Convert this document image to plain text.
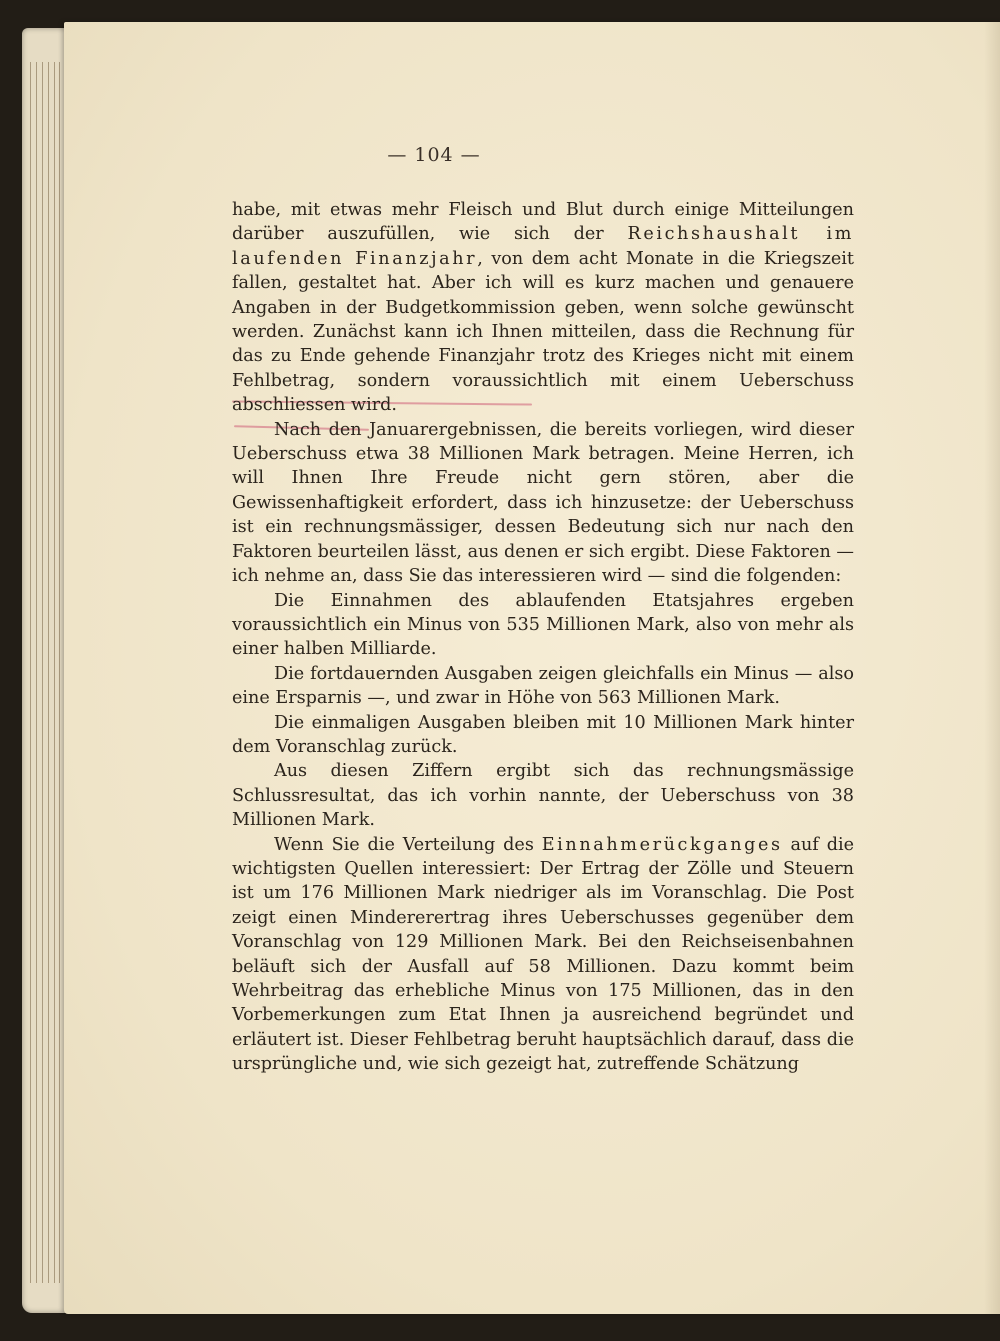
— 104 —

habe, mit etwas mehr Fleisch und Blut durch einige Mitteilungen darüber auszufüllen, wie sich der Reichshaushalt im laufenden Finanzjahr, von dem acht Monate in die Kriegszeit fallen, gestaltet hat. Aber ich will es kurz machen und genauere Angaben in der Budgetkommission geben, wenn solche gewünscht werden. Zunächst kann ich Ihnen mitteilen, dass die Rechnung für das zu Ende gehende Finanzjahr trotz des Krieges nicht mit einem Fehlbetrag, sondern voraussichtlich mit einem Ueberschuss abschliessen wird.

Nach den Januarergebnissen, die bereits vorliegen, wird dieser Ueberschuss etwa 38 Millionen Mark betragen. Meine Herren, ich will Ihnen Ihre Freude nicht gern stören, aber die Gewissenhaftigkeit erfordert, dass ich hinzusetze: der Ueberschuss ist ein rechnungsmässiger, dessen Bedeutung sich nur nach den Faktoren beurteilen lässt, aus denen er sich ergibt. Diese Faktoren — ich nehme an, dass Sie das interessieren wird — sind die folgenden:

Die Einnahmen des ablaufenden Etatsjahres ergeben voraussichtlich ein Minus von 535 Millionen Mark, also von mehr als einer halben Milliarde.

Die fortdauernden Ausgaben zeigen gleichfalls ein Minus — also eine Ersparnis —, und zwar in Höhe von 563 Millionen Mark.

Die einmaligen Ausgaben bleiben mit 10 Millionen Mark hinter dem Voranschlag zurück.

Aus diesen Ziffern ergibt sich das rechnungsmässige Schlussresultat, das ich vorhin nannte, der Ueberschuss von 38 Millionen Mark.

Wenn Sie die Verteilung des Einnahmerückganges auf die wichtigsten Quellen interessiert: Der Ertrag der Zölle und Steuern ist um 176 Millionen Mark niedriger als im Voranschlag. Die Post zeigt einen Mindererertrag ihres Ueberschusses gegenüber dem Voranschlag von 129 Millionen Mark. Bei den Reichseisenbahnen beläuft sich der Ausfall auf 58 Millionen. Dazu kommt beim Wehrbeitrag das erhebliche Minus von 175 Millionen, das in den Vorbemerkungen zum Etat Ihnen ja ausreichend begründet und erläutert ist. Dieser Fehlbetrag beruht hauptsächlich darauf, dass die ursprüngliche und, wie sich gezeigt hat, zutreffende Schätzung
